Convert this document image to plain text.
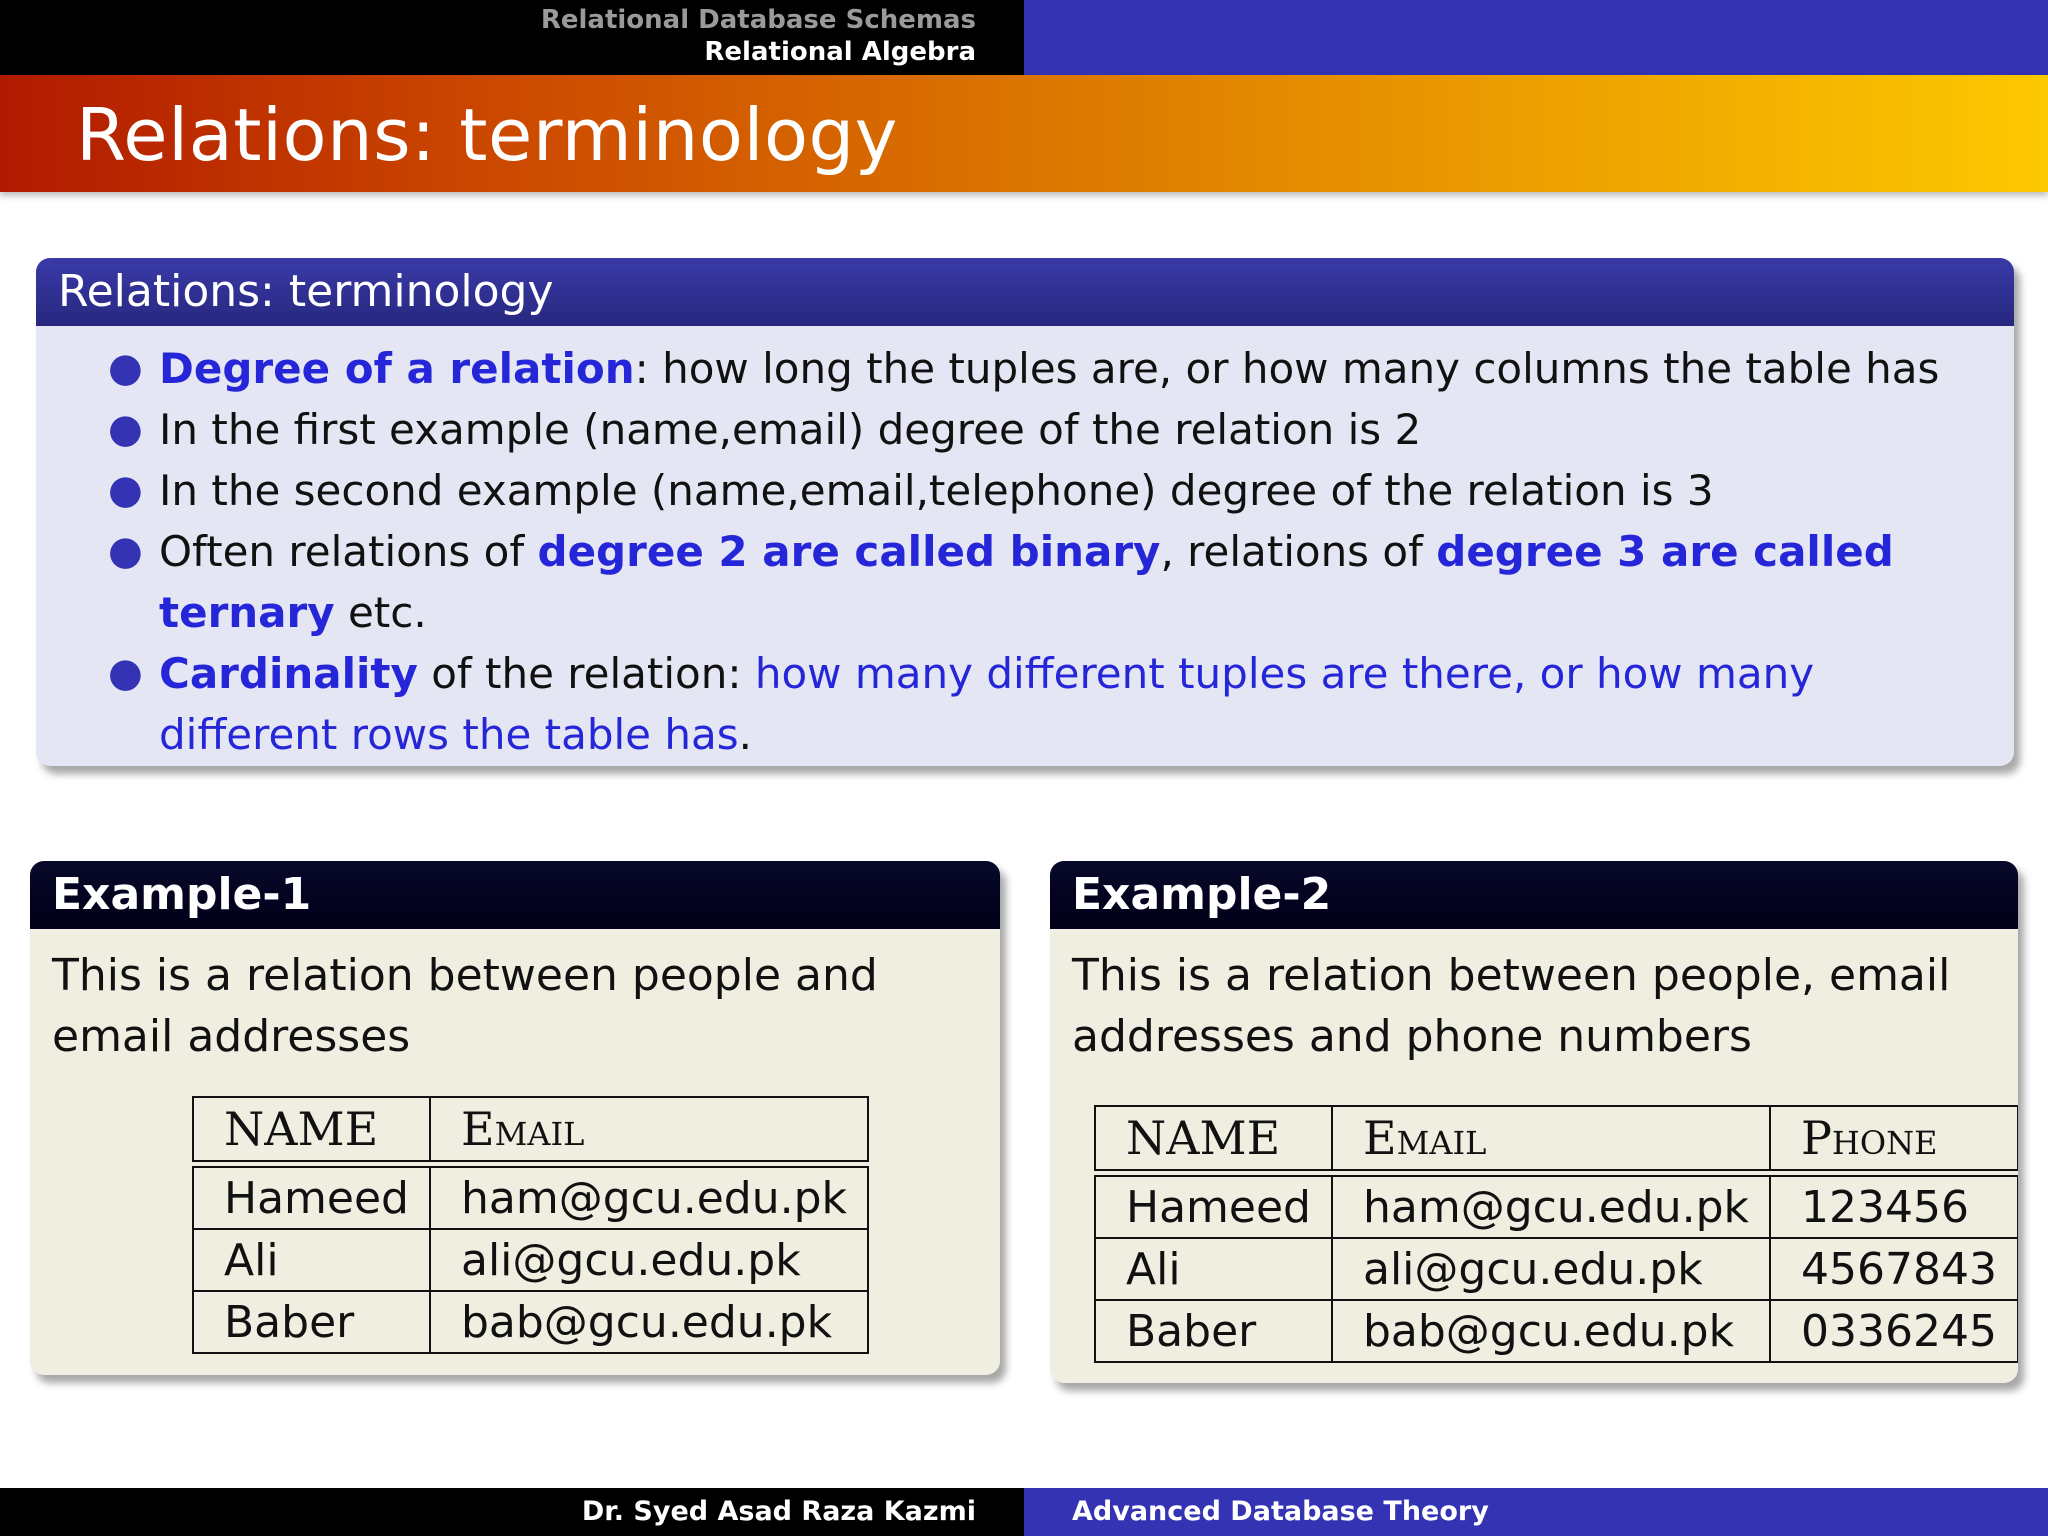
Relational Database Schemas
Relational Algebra
Relations: terminology
Relations: terminology
● Degree of a relation: how long the tuples are, or how many columns the table has
● In the first example (name,email) degree of the relation is 2
● In the second example (name,email,telephone) degree of the relation is 3
● Often relations of degree 2 are called binary, relations of degree 3 are called ternary etc.
● Cardinality of the relation: how many different tuples are there, or how many different rows the table has.
Example-1
This is a relation between people and email addresses
NAME	Email

Hameed	ham@gcu.edu.pk
Ali	ali@gcu.edu.pk
Baber	bab@gcu.edu.pk
Example-2
This is a relation between people, email addresses and phone numbers
NAME	Email	Phone

Hameed	ham@gcu.edu.pk	123456
Ali	ali@gcu.edu.pk	4567843
Baber	bab@gcu.edu.pk	0336245
Dr. Syed Asad Raza Kazmi	Advanced Database Theory
